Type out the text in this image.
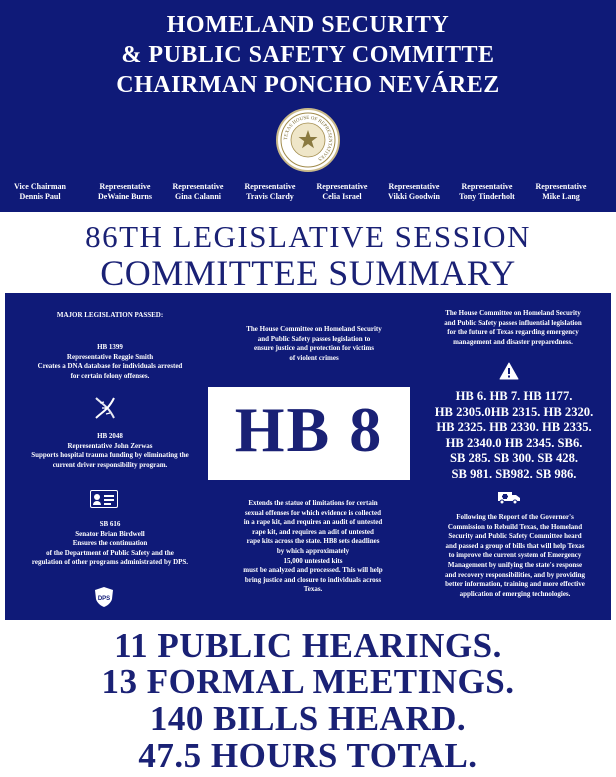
HOMELAND SECURITY
& PUBLIC SAFETY COMMITTE
CHAIRMAN PONCHO NEVÁREZ
TEXAS HOUSE OF REPRESENTATIVES
Vice Chairman
Dennis Paul
Representative
DeWaine Burns
Representative
Gina Calanni
Representative
Travis Clardy
Representative
Celia Israel
Representative
Vikki Goodwin
Representative
Tony Tinderholt
Representative
Mike Lang
86TH LEGISLATIVE SESSION
COMMITTEE SUMMARY
MAJOR LEGISLATION PASSED:
HB 1399
Representative Reggie Smith
Creates a DNA database for individuals arrested
for certain felony offenses.
HB 2048
Representative John Zerwas
Supports hospital trauma funding by eliminating the
current driver responsibility program.
SB 616
Senator Brian Birdwell
Ensures the continuation
of the Department of Public Safety and the
regulation of other programs administrated by DPS.
DPS
The House Committee on Homeland Security
and Public Safety passes legislation to
ensure justice and protection for victims
of violent crimes
HB 8
Extends the statue of limitations for certain
sexual offenses for which evidence is collected
in a rape kit, and requires an audit of untested
rape kit, and requires an adit of untested
rape kits across the state. HB8 sets deadlines
by which approximately
15,000 untested kits
must be analyzed and processed. This will help
bring justice and closure to individuals across
Texas.
The House Committee on Homeland Security
and Public Safety passes influential legislation
for the future of Texas regarding emergency
management and disaster preparedness.
HB 6. HB 7. HB 1177.
HB 2305.0HB 2315. HB 2320.
HB 2325. HB 2330. HB 2335.
HB 2340.0 HB 2345. SB6.
SB 285. SB 300. SB 428.
SB 981. SB982. SB 986.
Following the Report of the Governor's
Commission to Rebuild Texas, the Homeland
Security and Public Safety Committee heard
and passed a group of bills that will help Texas
to improve the current system of Emergency
Management by unifying the state's response
and recovery responsibilities, and by providing
better information, training and more effective
application of emerging technologies.
11 PUBLIC HEARINGS.
13 FORMAL MEETINGS.
140 BILLS HEARD.
47.5 HOURS TOTAL.
